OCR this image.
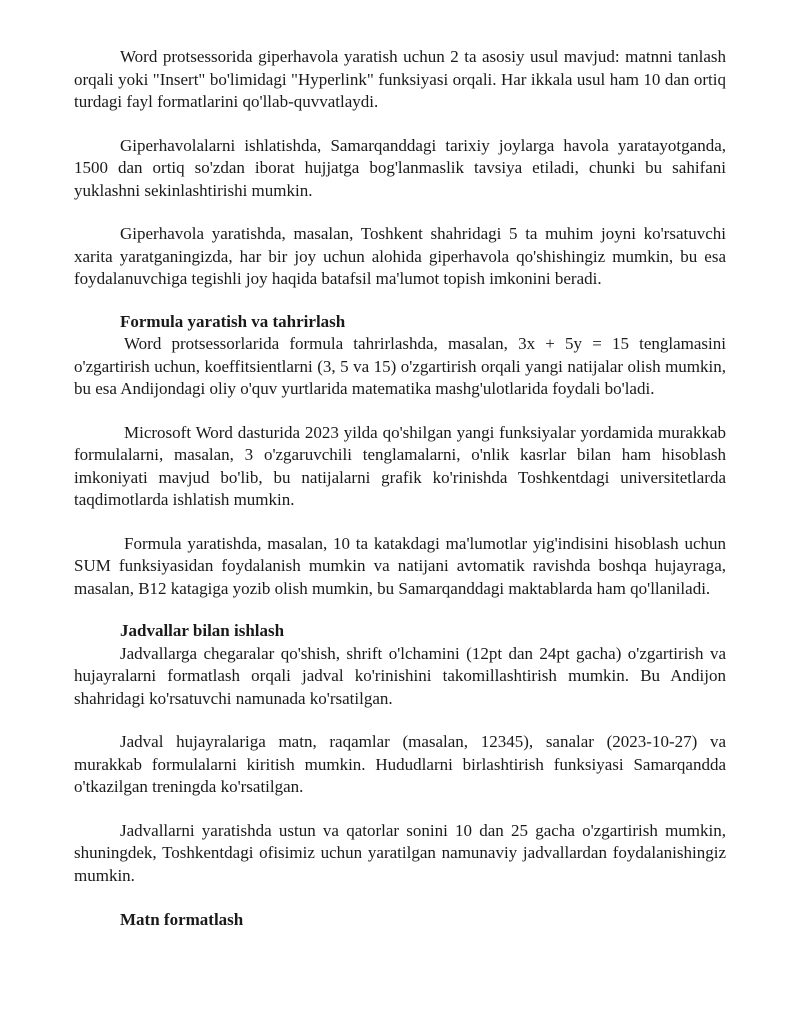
Word protsessorida giperhavola yaratish uchun 2 ta asosiy usul mavjud: matnni tanlash orqali yoki "Insert" bo'limidagi "Hyperlink" funksiyasi orqali. Har ikkala usul ham 10 dan ortiq turdagi fayl formatlarini qo'llab-quvvatlaydi.

Giperhavolalarni ishlatishda, Samarqanddagi tarixiy joylarga havola yaratayotganda, 1500 dan ortiq so'zdan iborat hujjatga bog'lanmaslik tavsiya etiladi, chunki bu sahifani yuklashni sekinlashtirishi mumkin.

Giperhavola yaratishda, masalan, Toshkent shahridagi 5 ta muhim joyni ko'rsatuvchi xarita yaratganingizda, har bir joy uchun alohida giperhavola qo'shishingiz mumkin, bu esa foydalanuvchiga tegishli joy haqida batafsil ma'lumot topish imkonini beradi.

Formula yaratish va tahrirlash

Word protsessorlarida formula tahrirlashda, masalan, 3x + 5y = 15 tenglamasini o'zgartirish uchun, koeffitsientlarni (3, 5 va 15) o'zgartirish orqali yangi natijalar olish mumkin, bu esa Andijondagi oliy o'quv yurtlarida matematika mashg'ulotlarida foydali bo'ladi.

Microsoft Word dasturida 2023 yilda qo'shilgan yangi funksiyalar yordamida murakkab formulalarni, masalan, 3 o'zgaruvchili tenglamalarni, o'nlik kasrlar bilan ham hisoblash imkoniyati mavjud bo'lib, bu natijalarni grafik ko'rinishda Toshkentdagi universitetlarda taqdimotlarda ishlatish mumkin.

Formula yaratishda, masalan, 10 ta katakdagi ma'lumotlar yig'indisini hisoblash uchun SUM funksiyasidan foydalanish mumkin va natijani avtomatik ravishda boshqa hujayraga, masalan, B12 katagiga yozib olish mumkin, bu Samarqanddagi maktablarda ham qo'llaniladi.

Jadvallar bilan ishlash

Jadvallarga chegaralar qo'shish, shrift o'lchamini (12pt dan 24pt gacha) o'zgartirish va hujayralarni formatlash orqali jadval ko'rinishini takomillashtirish mumkin. Bu Andijon shahridagi ko'rsatuvchi namunada ko'rsatilgan.

Jadval hujayralariga matn, raqamlar (masalan, 12345), sanalar (2023-10-27) va murakkab formulalarni kiritish mumkin. Hududlarni birlashtirish funksiyasi Samarqandda o'tkazilgan treningda ko'rsatilgan.

Jadvallarni yaratishda ustun va qatorlar sonini 10 dan 25 gacha o'zgartirish mumkin, shuningdek, Toshkentdagi ofisimiz uchun yaratilgan namunaviy jadvallardan foydalanishingiz mumkin.

Matn formatlash
